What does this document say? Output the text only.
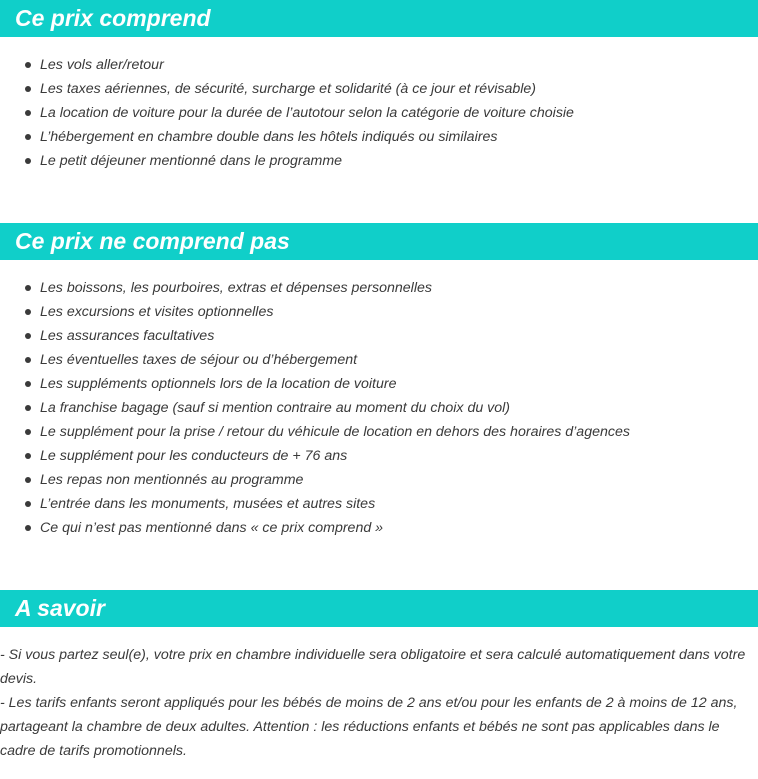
Ce prix comprend
Les vols aller/retour
Les taxes aériennes, de sécurité, surcharge et solidarité (à ce jour et révisable)
La location de voiture pour la durée de l’autotour selon la catégorie de voiture choisie
L’hébergement en chambre double dans les hôtels indiqués ou similaires
Le petit déjeuner mentionné dans le programme
Ce prix ne comprend pas
Les boissons, les pourboires, extras et dépenses personnelles
Les excursions et visites optionnelles
Les assurances facultatives
Les éventuelles taxes de séjour ou d’hébergement
Les suppléments optionnels lors de la location de voiture
La franchise bagage (sauf si mention contraire au moment du choix du vol)
Le supplément pour la prise / retour du véhicule de location en dehors des horaires d’agences
Le supplément pour les conducteurs de + 76 ans
Les repas non mentionnés au programme
L’entrée dans les monuments, musées et autres sites
Ce qui n’est pas mentionné dans « ce prix comprend »
A savoir

- Si vous partez seul(e), votre prix en chambre individuelle sera obligatoire et sera calculé automatiquement dans votre devis.

- Les tarifs enfants seront appliqués pour les bébés de moins de 2 ans et/ou pour les enfants de 2 à moins de 12 ans, partageant la chambre de deux adultes. Attention : les réductions enfants et bébés ne sont pas applicables dans le cadre de tarifs promotionnels.
